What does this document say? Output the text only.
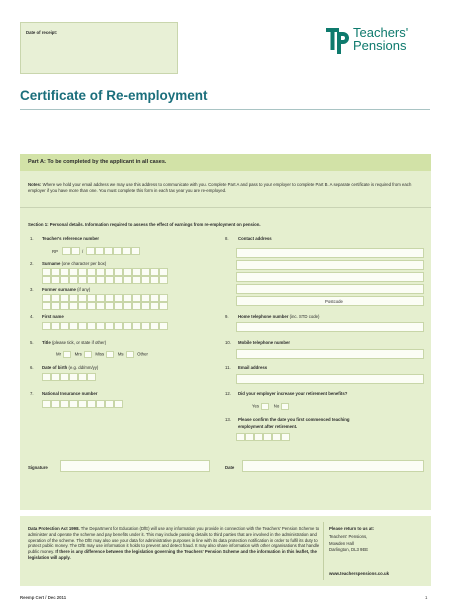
Date of receipt:	Teachers'
Pensions
Certificate of Re-employment
Part A: To be completed by the applicant in all cases.
Notes: Where we hold your email address we may use this address to communicate with you. Complete Part A and pass to your employer to complete Part B. A separate certificate is required from each employer if you have more than one. You must complete this form in each tax year you are re-employed.
Section 1: Personal details. Information required to assess the effect of earnings from re-employment on pension.
1. Teacher's reference number
RP	/
2. Surname (one character per box)
3. Former surname (if any)
4. First name
5. Title (please tick, or state if other)
Mr	Mrs	Miss	Ms	Other
6. Date of birth (e.g. dd/mm/yy)
7. National Insurance number
8. Contact address
Postcode
9. Home telephone number (inc. STD code)
10. Mobile telephone number
11. Email address
12. Did your employer increase your retirement benefits?
Yes	No
13. Please confirm the date you first commenced teaching
employment after retirement.
Signature	Date
Data Protection Act 1998. The Department for Education (DfE) will use any information you provide in connection with the Teachers' Pension Scheme to administer and operate the scheme and pay benefits under it. This may include passing details to third parties that are involved in the administration and operation of the scheme. The DfE may also use your data for administrative purposes in line with its data protection notification in order to fulfil its duty to protect public money. The DfE may use information it holds to prevent and detect fraud. It may also share information with other organisations that handle public money. If there is any difference between the legislation governing the Teachers' Pension Scheme and the information in this leaflet, the legislation will apply.
Please return to us at:
Teachers' Pensions,
Mowden Hall
Darlington, DL3 9EE
www.teacherspensions.co.uk
Reemp Cert / Dec 2011	1
